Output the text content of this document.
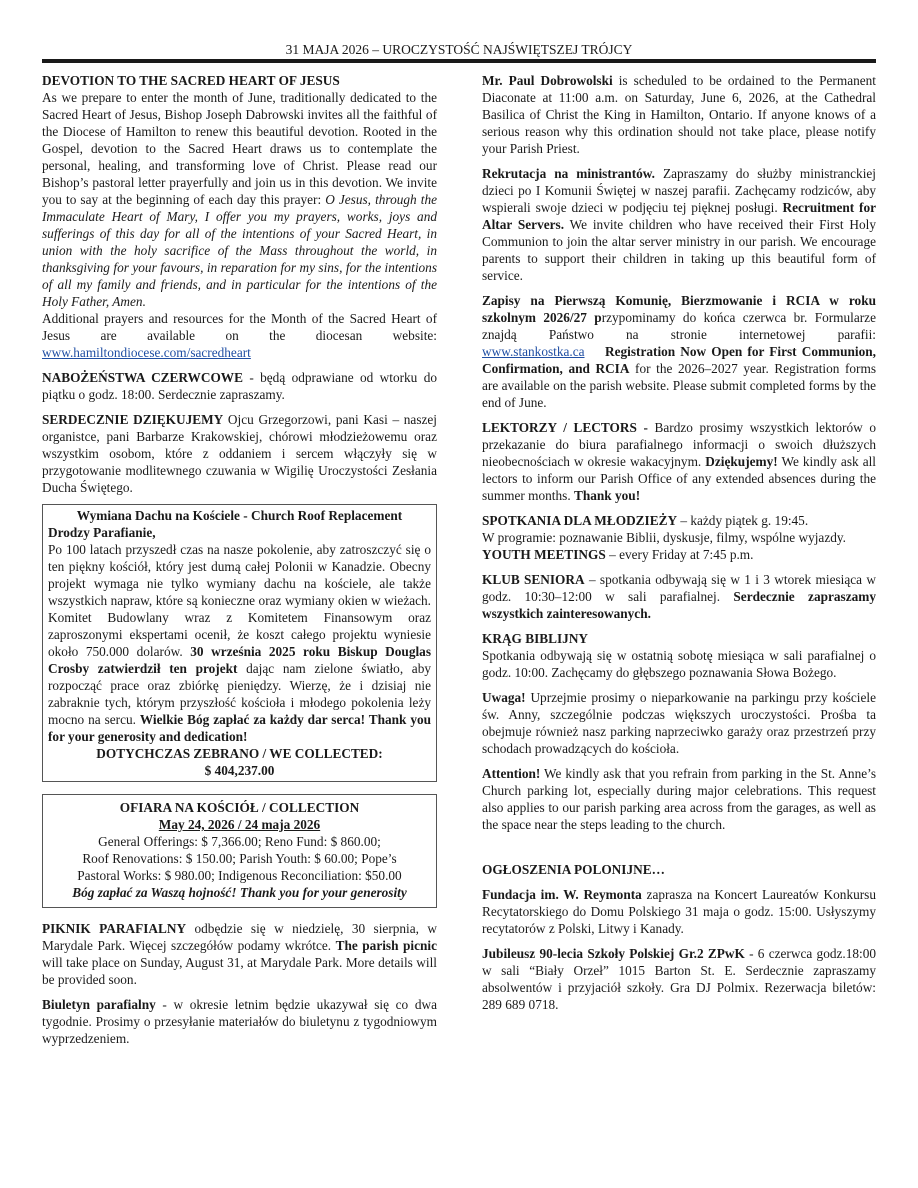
31 MAJA 2026 – UROCZYSTOŚĆ NAJŚWIĘTSZEJ TRÓJCY
DEVOTION TO THE SACRED HEART OF JESUS
As we prepare to enter the month of June, traditionally dedicated to the Sacred Heart of Jesus, Bishop Joseph Dabrowski invites all the faithful of the Diocese of Hamilton to renew this beautiful devotion. Rooted in the Gospel, devotion to the Sacred Heart draws us to contemplate the personal, healing, and transforming love of Christ. Please read our Bishop’s pastoral letter prayerfully and join us in this devotion. We invite you to say at the beginning of each day this prayer: O Jesus, through the Immaculate Heart of Mary, I offer you my prayers, works, joys and sufferings of this day for all of the intentions of your Sacred Heart, in union with the holy sacrifice of the Mass throughout the world, in thanksgiving for your favours, in reparation for my sins, for the intentions of all my family and friends, and in particular for the intentions of the Holy Father, Amen.
Additional prayers and resources for the Month of the Sacred Heart of Jesus are available on the diocesan website: www.hamiltondiocese.com/sacredheart

NABOŻEŃSTWA CZERWCOWE - będą odprawiane od wtorku do piątku o godz. 18:00. Serdecznie zapraszamy.

SERDECZNIE DZIĘKUJEMY Ojcu Grzegorzowi, pani Kasi – naszej organistce, pani Barbarze Krakowskiej, chórowi młodzieżowemu oraz wszystkim osobom, które z oddaniem i sercem włączyły się w przygotowanie modlitewnego czuwania w Wigilię Uroczystości Zesłania Ducha Świętego.

Wymiana Dachu na Kościele - Church Roof Replacement
Drodzy Parafianie,
Po 100 latach przyszedł czas na nasze pokolenie, aby zatroszczyć się o ten piękny kościół, który jest dumą całej Polonii w Kanadzie. Obecny projekt wymaga nie tylko wymiany dachu na kościele, ale także wszystkich napraw, które są konieczne oraz wymiany okien w wieżach. Komitet Budowlany wraz z Komitetem Finansowym oraz zaproszonymi ekspertami ocenił, że koszt całego projektu wyniesie około 750.000 dolarów. 30 września 2025 roku Biskup Douglas Crosby zatwierdził ten projekt dając nam zielone światło, aby rozpocząć prace oraz zbiórkę pieniędzy. Wierzę, że i dzisiaj nie zabraknie tych, którym przyszłość kościoła i młodego pokolenia leży mocno na sercu. Wielkie Bóg zapłać za każdy dar serca! Thank you for your generosity and dedication!
DOTYCHCZAS ZEBRANO / WE COLLECTED:
$ 404,237.00
OFIARA NA KOŚCIÓŁ / COLLECTION
May 24, 2026 / 24 maja 2026
General Offerings: $ 7,366.00; Reno Fund: $ 860.00;
Roof Renovations: $ 150.00; Parish Youth: $ 60.00; Pope’s
Pastoral Works: $ 980.00; Indigenous Reconciliation: $50.00
Bóg zapłać za Waszą hojność! Thank you for your generosity

PIKNIK PARAFIALNY odbędzie się w niedzielę, 30 sierpnia, w Marydale Park. Więcej szczegółów podamy wkrótce. The parish picnic will take place on Sunday, August 31, at Marydale Park. More details will be provided soon.

Biuletyn parafialny - w okresie letnim będzie ukazywał się co dwa tygodnie. Prosimy o przesyłanie materiałów do biuletynu z tygodniowym wyprzedzeniem.

Mr. Paul Dobrowolski is scheduled to be ordained to the Permanent Diaconate at 11:00 a.m. on Saturday, June 6, 2026, at the Cathedral Basilica of Christ the King in Hamilton, Ontario. If anyone knows of a serious reason why this ordination should not take place, please notify your Parish Priest.

Rekrutacja na ministrantów. Zapraszamy do służby ministranckiej dzieci po I Komunii Świętej w naszej parafii. Zachęcamy rodziców, aby wspierali swoje dzieci w podjęciu tej pięknej posługi. Recruitment for Altar Servers. We invite children who have received their First Holy Communion to join the altar server ministry in our parish. We encourage parents to support their children in taking up this beautiful form of service.

Zapisy na Pierwszą Komunię, Bierzmowanie i RCIA w roku szkolnym 2026/27 przypominamy do końca czerwca br. Formularze znajdą Państwo na stronie internetowej parafii: www.stankostka.ca Registration Now Open for First Communion, Confirmation, and RCIA for the 2026–2027 year. Registration forms are available on the parish website. Please submit completed forms by the end of June.

LEKTORZY / LECTORS - Bardzo prosimy wszystkich lektorów o przekazanie do biura parafialnego informacji o swoich dłuższych nieobecnościach w okresie wakacyjnym. Dziękujemy! We kindly ask all lectors to inform our Parish Office of any extended absences during the summer months. Thank you!

SPOTKANIA DLA MŁODZIEŻY – każdy piątek g. 19:45.
W programie: poznawanie Biblii, dyskusje, filmy, wspólne wyjazdy. YOUTH MEETINGS – every Friday at 7:45 p.m.

KLUB SENIORA – spotkania odbywają się w 1 i 3 wtorek miesiąca w godz. 10:30–12:00 w sali parafialnej. Serdecznie zapraszamy wszystkich zainteresowanych.

KRĄG BIBLIJNY
Spotkania odbywają się w ostatnią sobotę miesiąca w sali parafialnej o godz. 10:00. Zachęcamy do głębszego poznawania Słowa Bożego.

Uwaga! Uprzejmie prosimy o nieparkowanie na parkingu przy kościele św. Anny, szczególnie podczas większych uroczystości. Prośba ta obejmuje również nasz parking naprzeciwko garaży oraz przestrzeń przy schodach prowadzących do kościoła.

Attention! We kindly ask that you refrain from parking in the St. Anne’s Church parking lot, especially during major celebrations. This request also applies to our parish parking area across from the garages, as well as the space near the steps leading to the church.

OGŁOSZENIA POLONIJNE…

Fundacja im. W. Reymonta zaprasza na Koncert Laureatów Konkursu Recytatorskiego do Domu Polskiego 31 maja o godz. 15:00. Usłyszymy recytatorów z Polski, Litwy i Kanady.

Jubileusz 90-lecia Szkoły Polskiej Gr.2 ZPwK - 6 czerwca godz.18:00 w sali “Biały Orzeł” 1015 Barton St. E. Serdecznie zapraszamy absolwentów i przyjaciół szkoły. Gra DJ Polmix. Rezerwacja biletów: 289 689 0718.
